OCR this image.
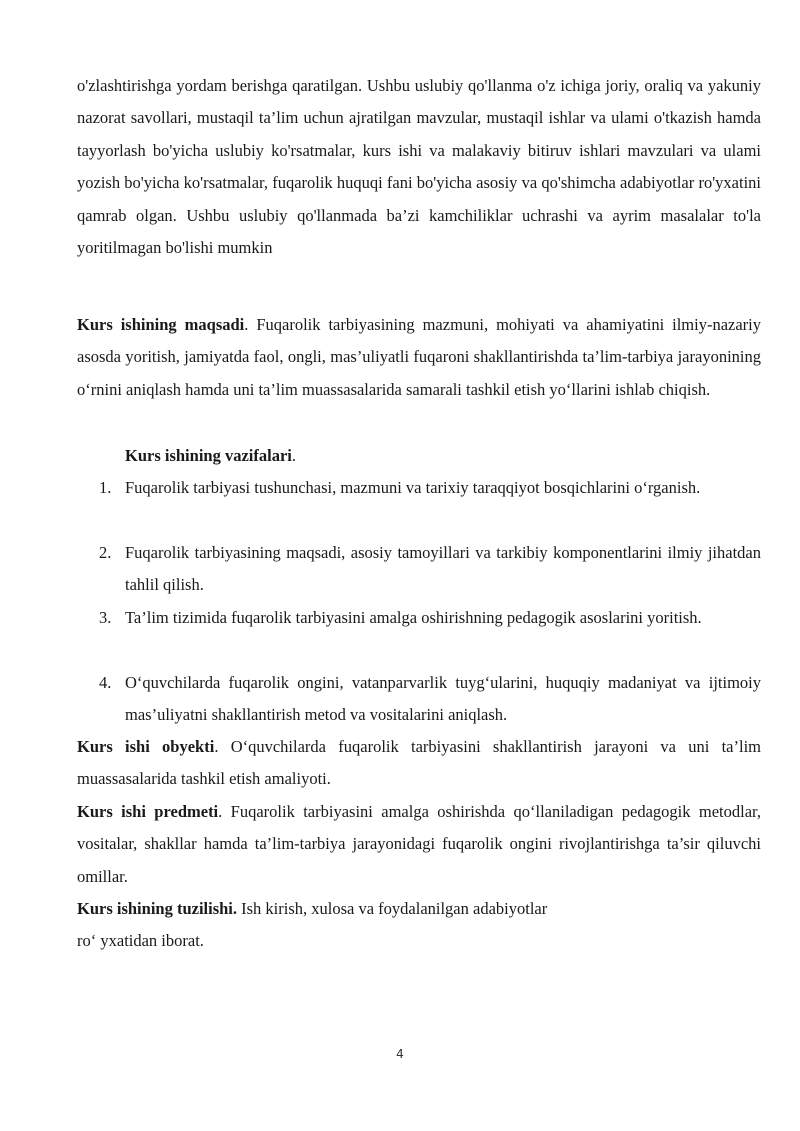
o'zlashtirishga yordam berishga qaratilgan. Ushbu uslubiy qo'llanma o'z ichiga joriy, oraliq va yakuniy nazorat savollari, mustaqil ta’lim uchun ajratilgan mavzular, mustaqil ishlar va ulami o'tkazish hamda tayyorlash bo'yicha uslubiy ko'rsatmalar, kurs ishi va malakaviy bitiruv ishlari mavzulari va ulami yozish bo'yicha ko'rsatmalar, fuqarolik huquqi fani bo'yicha asosiy va qo'shimcha adabiyotlar ro'yxatini qamrab olgan. Ushbu uslubiy qo'llanmada ba’zi kamchiliklar uchrashi va ayrim masalalar to'la yoritilmagan bo'lishi mumkin

Kurs ishining maqsadi. Fuqarolik tarbiyasining mazmuni, mohiyati va ahamiyatini ilmiy-nazariy asosda yoritish, jamiyatda faol, ongli, mas’uliyatli fuqaroni shakllantirishda ta’lim-tarbiya jarayonining o‘rnini aniqlash hamda uni ta’lim muassasalarida samarali tashkil etish yo‘llarini ishlab chiqish.

Kurs ishining vazifalari.

1. Fuqarolik tarbiyasi tushunchasi, mazmuni va tarixiy taraqqiyot bosqichlarini o‘rganish.

2. Fuqarolik tarbiyasining maqsadi, asosiy tamoyillari va tarkibiy komponentlarini ilmiy jihatdan tahlil qilish.

3. Ta’lim tizimida fuqarolik tarbiyasini amalga oshirishning pedagogik asoslarini yoritish.

4. O‘quvchilarda fuqarolik ongini, vatanparvarlik tuyg‘ularini, huquqiy madaniyat va ijtimoiy mas’uliyatni shakllantirish metod va vositalarini aniqlash.

Kurs ishi obyekti. O‘quvchilarda fuqarolik tarbiyasini shakllantirish jarayoni va uni ta’lim muassasalarida tashkil etish amaliyoti.

Kurs ishi predmeti. Fuqarolik tarbiyasini amalga oshirishda qo‘llaniladigan pedagogik metodlar, vositalar, shakllar hamda ta’lim-tarbiya jarayonidagi fuqarolik ongini rivojlantirishga ta’sir qiluvchi omillar.

Kurs ishining tuzilishi. Ish kirish, xulosa va foydalanilgan adabiyotlar
ro‘ yxatidan iborat.

4
